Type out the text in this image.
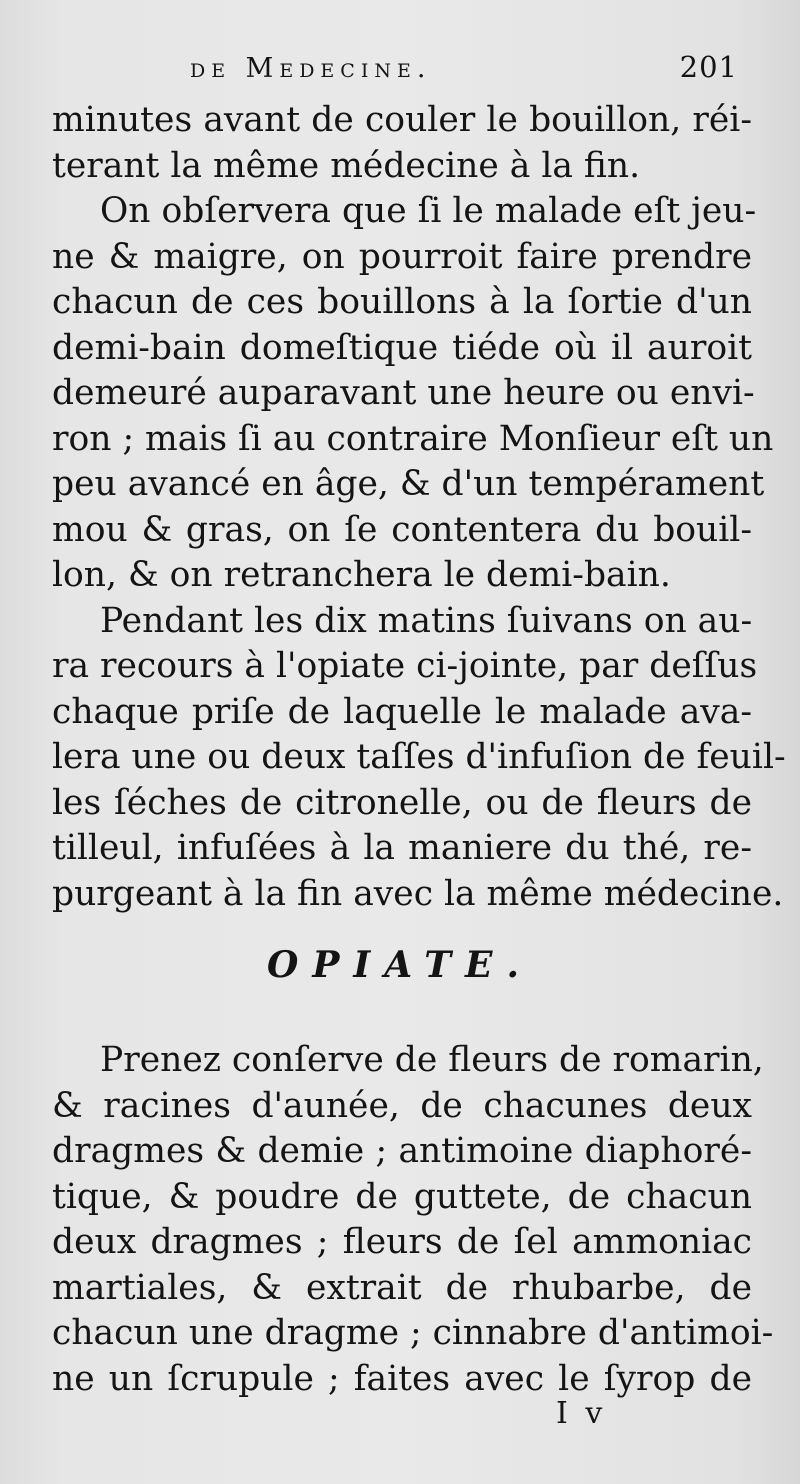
de Medecine.	201
minutes avant de couler le bouillon, réi-
terant la même médecine à la fin.
On obſervera que ſi le malade eſt jeu-
ne & maigre, on pourroit faire prendre
chacun de ces bouillons à la ſortie d'un
demi-bain domeſtique tiéde où il auroit
demeuré auparavant une heure ou envi-
ron ; mais ſi au contraire Monſieur eſt un
peu avancé en âge, & d'un tempérament
mou & gras, on ſe contentera du bouil-
lon, & on retranchera le demi-bain.
Pendant les dix matins ſuivans on au-
ra recours à l'opiate ci-jointe, par deſſus
chaque priſe de laquelle le malade ava-
lera une ou deux taſſes d'infuſion de feuil-
les ſéches de citronelle, ou de fleurs de
tilleul, infuſées à la maniere du thé, re-
purgeant à la fin avec la même médecine.
OPIATE.
Prenez conſerve de fleurs de romarin,
& racines d'aunée, de chacunes deux
dragmes & demie ; antimoine diaphoré-
tique, & poudre de guttete, de chacun
deux dragmes ; fleurs de ſel ammoniac
martiales, & extrait de rhubarbe, de
chacun une dragme ; cinnabre d'antimoi-
ne un ſcrupule ; faites avec le ſyrop de
I v
